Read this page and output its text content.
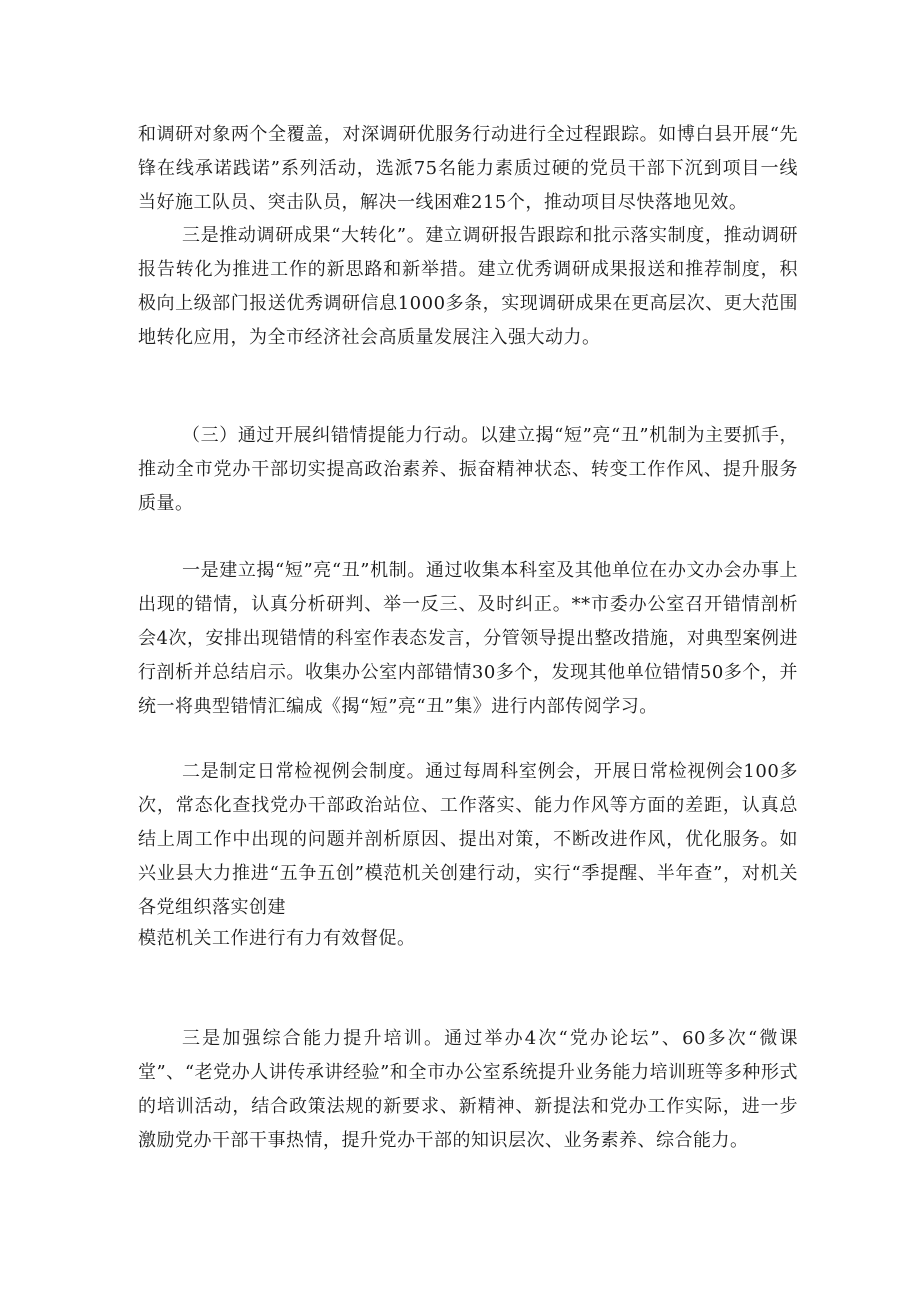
和调研对象两个全覆盖，对深调研优服务行动进行全过程跟踪。如博白县开展“先锋在线承诺践诺”系列活动，选派75名能力素质过硬的党员干部下沉到项目一线当好施工队员、突击队员，解决一线困难215个，推动项目尽快落地见效。

三是推动调研成果“大转化”。建立调研报告跟踪和批示落实制度，推动调研报告转化为推进工作的新思路和新举措。建立优秀调研成果报送和推荐制度，积极向上级部门报送优秀调研信息1000多条，实现调研成果在更高层次、更大范围地转化应用，为全市经济社会高质量发展注入强大动力。

（三）通过开展纠错情提能力行动。以建立揭“短”亮“丑”机制为主要抓手，推动全市党办干部切实提高政治素养、振奋精神状态、转变工作作风、提升服务质量。

一是建立揭“短”亮“丑”机制。通过收集本科室及其他单位在办文办会办事上出现的错情，认真分析研判、举一反三、及时纠正。**市委办公室召开错情剖析会4次，安排出现错情的科室作表态发言，分管领导提出整改措施，对典型案例进行剖析并总结启示。收集办公室内部错情30多个，发现其他单位错情50多个，并统一将典型错情汇编成《揭“短”亮“丑”集》进行内部传阅学习。

二是制定日常检视例会制度。通过每周科室例会，开展日常检视例会100多次，常态化查找党办干部政治站位、工作落实、能力作风等方面的差距，认真总结上周工作中出现的问题并剖析原因、提出对策，不断改进作风，优化服务。如兴业县大力推进“五争五创”模范机关创建行动，实行“季提醒、半年查”，对机关各党组织落实创建

模范机关工作进行有力有效督促。

三是加强综合能力提升培训。通过举办4次“党办论坛”、60多次“微课堂”、“老党办人讲传承讲经验”和全市办公室系统提升业务能力培训班等多种形式的培训活动，结合政策法规的新要求、新精神、新提法和党办工作实际，进一步激励党办干部干事热情，提升党办干部的知识层次、业务素养、综合能力。
